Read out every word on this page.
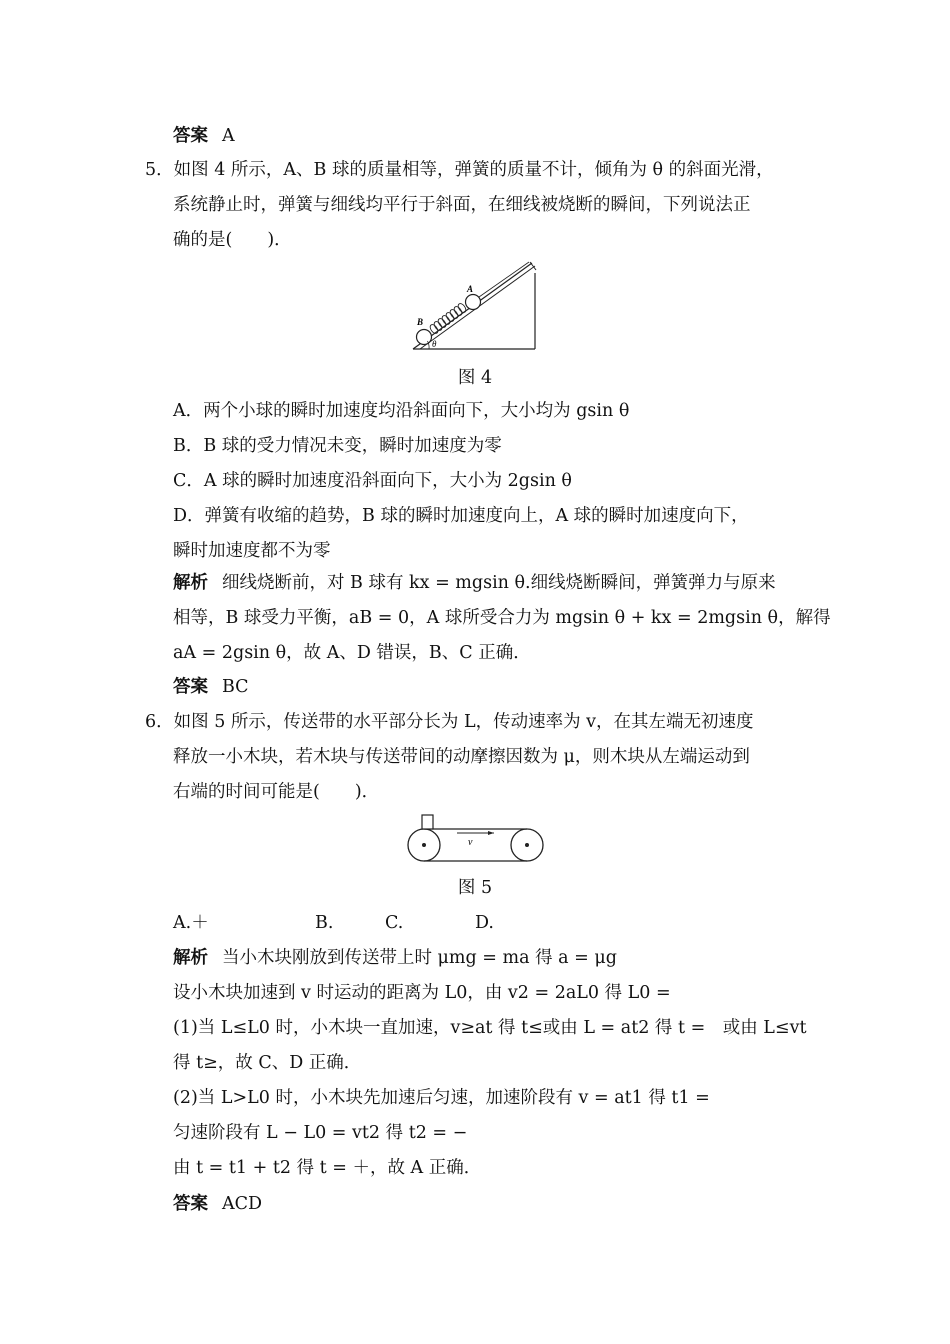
答案 A
5．如图 4 所示，A、B 球的质量相等，弹簧的质量不计，倾角为 θ 的斜面光滑，
系统静止时，弹簧与细线均平行于斜面，在细线被烧断的瞬间，下列说法正
确的是(　　)．
A
B
θ
图 4
A．两个小球的瞬时加速度均沿斜面向下，大小均为 gsin θ
B．B 球的受力情况未变，瞬时加速度为零
C．A 球的瞬时加速度沿斜面向下，大小为 2gsin θ
D．弹簧有收缩的趋势，B 球的瞬时加速度向上，A 球的瞬时加速度向下，
瞬时加速度都不为零
解析 细线烧断前，对 B 球有 kx = mgsin θ.细线烧断瞬间，弹簧弹力与原来
相等，B 球受力平衡，aB = 0，A 球所受合力为 mgsin θ + kx = 2mgsin θ，解得
aA = 2gsin θ，故 A、D 错误，B、C 正确．
答案 BC
6．如图 5 所示，传送带的水平部分长为 L，传动速率为 v，在其左端无初速度
释放一小木块，若木块与传送带间的动摩擦因数为 μ，则木块从左端运动到
右端的时间可能是(　　)．
v
图 5
A.＋	B.	C.	D.
解析 当小木块刚放到传送带上时 μmg = ma 得 a = μg
设小木块加速到 v 时运动的距离为 L0，由 v2 = 2aL0 得 L0 =
(1)当 L≤L0 时，小木块一直加速，v≥at 得 t≤或由 L = at2 得 t =　或由 L≤vt
得 t≥，故 C、D 正确．
(2)当 L>L0 时，小木块先加速后匀速，加速阶段有 v = at1 得 t1 =
匀速阶段有 L − L0 = vt2 得 t2 = −
由 t = t1 + t2 得 t = ＋，故 A 正确．
答案 ACD
